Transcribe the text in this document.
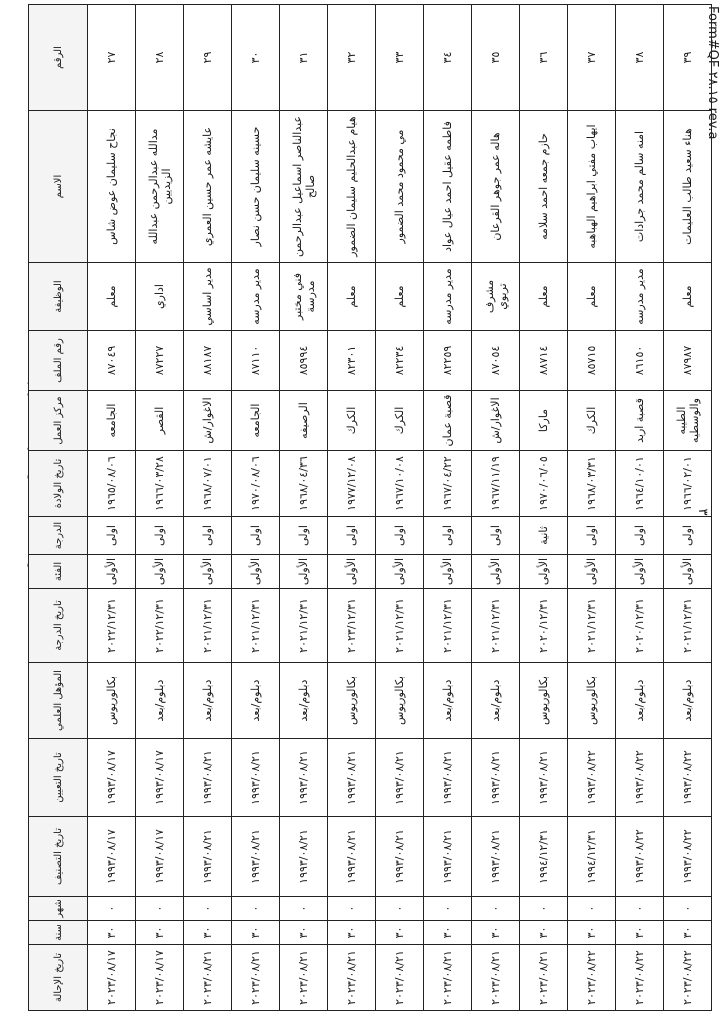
٣
Form#QF ٢٨.١٥ rev.a
تاريخ الإحالة	سنة	شهر	تاريخ التصنيف	تاريخ التعيين	المؤهل العلمي	تاريخ الدرجة	الفئة	الدرجة	تاريخ الولادة	مركز العمل	رقم الملف	الوظيفة	الاسم	الرقم
٢٠٢٣/٠٨/١٧	٣٠	٠	١٩٩٣/٠٨/١٧	١٩٩٣/٠٨/١٧	بكالوريوس	٢٠٢٢/١٢/٣١	الأولى	اولى	١٩٦٥/٠٨/٠٦	الجامعه	٨٧٠٤٩	معلم	نجاح سليمان عوض شاس	٢٧
٢٠٢٣/٠٨/١٧	٣٠	٠	١٩٩٣/٠٨/١٧	١٩٩٣/٠٨/١٧	دبلوم/بعد	٢٠٢٢/١٢/٣١	الأولى	اولى	١٩٦٦/٠٣/٢٨	القصر	٨٧٢٢٧	اداري	مدالله عبدالرحمن عبدالله الزيديين	٢٨
٢٠٢٣/٠٨/٢١	٣٠	٠	١٩٩٣/٠٨/٢١	١٩٩٣/٠٨/٢١	دبلوم/بعد	٢٠٢١/١٢/٣١	الأولى	اولى	١٩٦٨/٠٧/٠١	الاغوار/ش	٨٨١٨٧	مدير اساسي	عايشه عمر حسين العمري	٢٩
٢٠٢٣/٠٨/٢١	٣٠	٠	١٩٩٣/٠٨/٢١	١٩٩٣/٠٨/٢١	دبلوم/بعد	٢٠٢١/١٢/٣١	الأولى	اولى	١٩٧٠/٠٨/٠٦	الجامعه	٨٧١١٠	مدير مدرسه	حسينه سليمان حسن نصار	٣٠
٢٠٢٣/٠٨/٢١	٣٠	٠	١٩٩٣/٠٨/٢١	١٩٩٣/٠٨/٢١	دبلوم/بعد	٢٠٢١/١٢/٣١	الأولى	اولى	١٩٦٨/٠٤/٣٦	الرصيفه	٨٥٩٩٤	فني مختبر مدرسة	عبدالناصر اسماعيل عبدالرحمن صالح	٣١
٢٠٢٣/٠٨/٢١	٣٠	٠	١٩٩٣/٠٨/٢١	١٩٩٣/٠٨/٢١	بكالوريوس	٢٠٢٣/١٢/٣١	الأولى	اولى	١٩٧٧/١٢/٠٨	الكرك	٨٢٣٠١	معلم	هيام عبدالحليم سليمان الضمور	٣٢
٢٠٢٣/٠٨/٢١	٣٠	٠	١٩٩٣/٠٨/٢١	١٩٩٣/٠٨/٢١	بكالوريوس	٢٠٢١/١٢/٣١	الأولى	اولى	١٩٦٧/١٠/٠٨	الكرك	٨٢٢٣٤	معلم	مي محمود محمد الضمور	٣٣
٢٠٢٣/٠٨/٢١	٣٠	٠	١٩٩٣/٠٨/٢١	١٩٩٣/٠٨/٢١	دبلوم/بعد	٢٠٢١/١٢/٣١	الأولى	اولى	١٩٦٧/٠٤/٢٢	قصبة عمان	٨٢٢٥٩	مدير مدرسه	فاطمه عقيل احمد عيال عواد	٣٤
٢٠٢٣/٠٨/٢١	٣٠	٠	١٩٩٣/٠٨/٢١	١٩٩٣/٠٨/٢١	دبلوم/بعد	٢٠٢١/١٢/٣١	الأولى	اولى	١٩٦٧/١١/١٩	الاغوار/ش	٨٧٠٥٤	مشرف تربوي	هاله عمر جوهر القرعان	٣٥
٢٠٢٣/٠٨/٢١	٣٠	٠	١٩٩٤/١٢/٣١	١٩٩٣/٠٨/٢١	بكالوريوس	٢٠٢٠/١٢/٣١	الأولى	ثانية	١٩٧٠/٠٦/٠٥	ماركا	٨٨٧١٤	معلم	حازم جمعه احمد سلامه	٣٦
٢٠٢٣/٠٨/٢٢	٣٠	٠	١٩٩٤/١٢/٣١	١٩٩٣/٠٨/٢٢	بكالوريوس	٢٠٢١/١٢/٣١	الأولى	اولى	١٩٦٨/٠٣/٣١	الكرك	٨٥٧١٥	معلم	ايهاب مفتي ابراهيم الهباهبه	٣٧
٢٠٢٣/٠٨/٢٢	٣٠	٠	١٩٩٣/٠٨/٢٢	١٩٩٣/٠٨/٢٢	دبلوم/بعد	٢٠٢٠/١٢/٣١	الأولى	اولى	١٩٦٤/١٠/٠١	قصبة اربد	٨٦١٥٠	مدير مدرسه	امنه سالم محمد جرادات	٣٨
٢٠٢٣/٠٨/٢٢	٣٠	٠	١٩٩٣/٠٨/٢٢	١٩٩٣/٠٨/٢٢	دبلوم/بعد	٢٠٢١/١٢/٣١	الأولى	اولى	١٩٦٦/٠٢/٠١	الطيبه والوسطيه	٨٧٩٨٧	معلم	هناء سعيد طالب العليمات	٣٩
